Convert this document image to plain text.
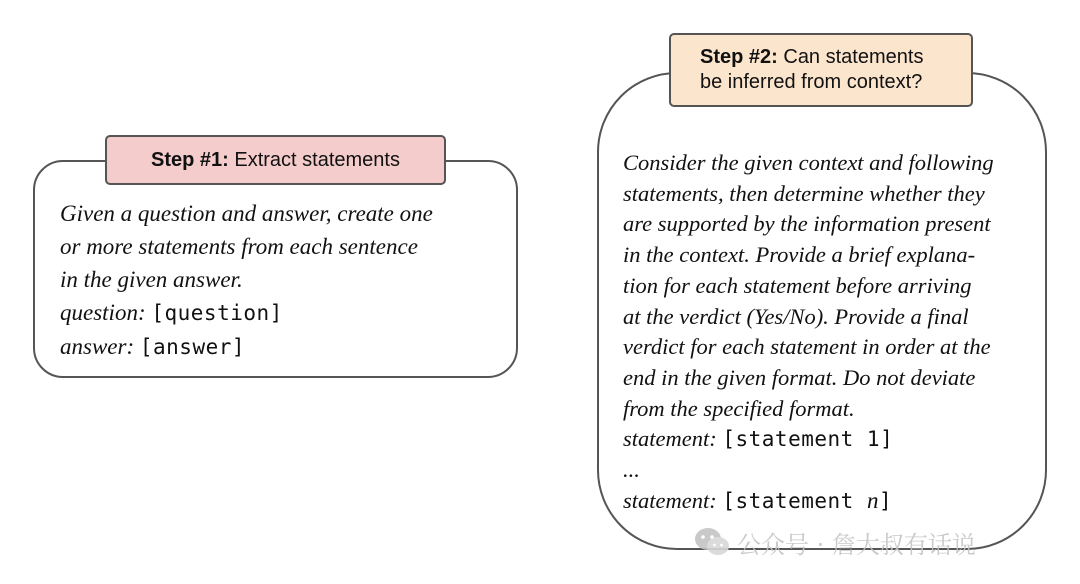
Step #1: Extract statements
Given a question and answer, create one
or more statements from each sentence
in the given answer.
question: [question]
answer: [answer]
Step #2: Can statements
be inferred from context?
Consider the given context and following
statements, then determine whether they
are supported by the information present
in the context. Provide a brief explana-
tion for each statement before arriving
at the verdict (Yes/No). Provide a final
verdict for each statement in order at the
end in the given format. Do not deviate
from the specified format.
statement: [statement 1]
...
statement: [statement n]
公众号 · 詹大叔有话说
